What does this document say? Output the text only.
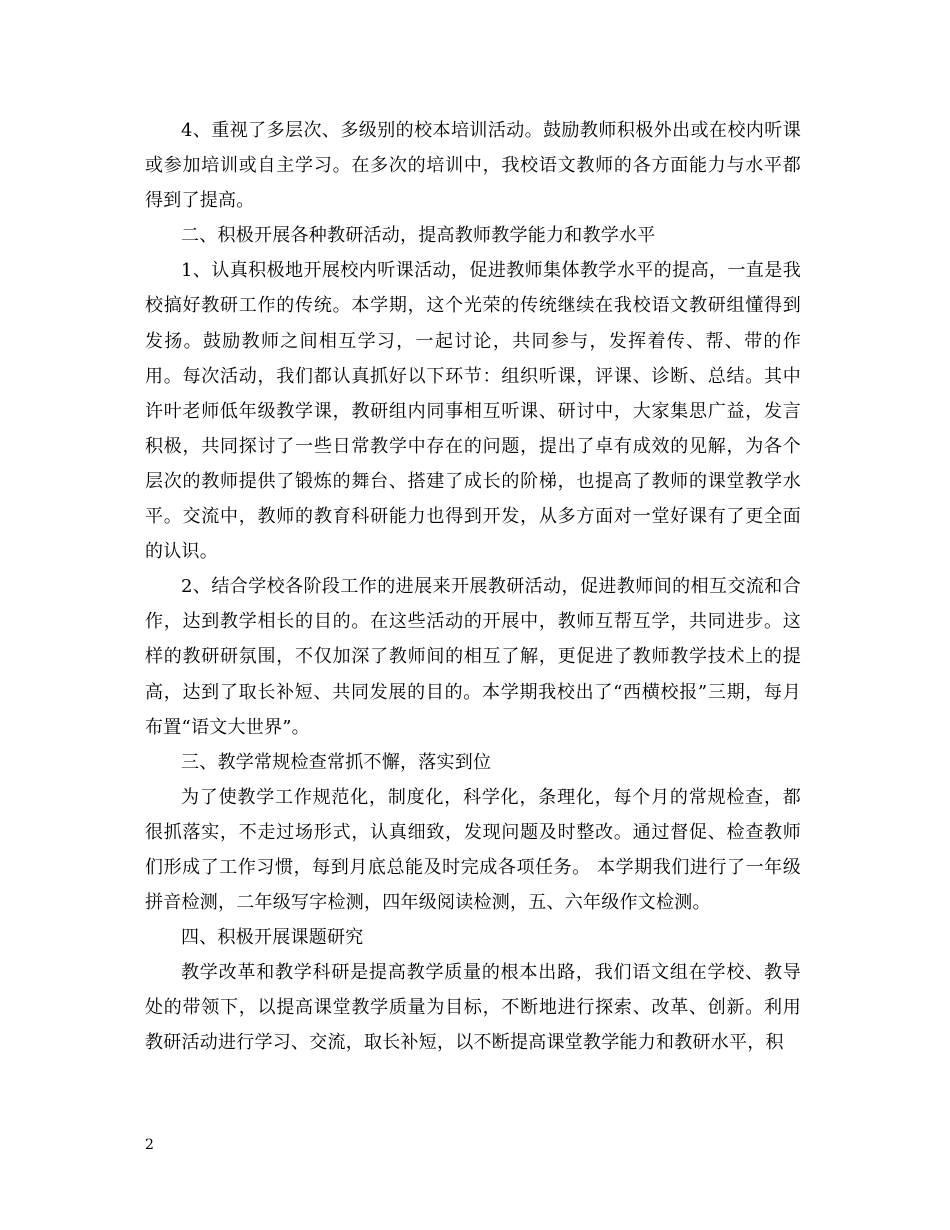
4、重视了多层次、多级别的校本培训活动。鼓励教师积极外出或在校内听课或参加培训或自主学习。在多次的培训中，我校语文教师的各方面能力与水平都得到了提高。

二、积极开展各种教研活动，提高教师教学能力和教学水平

1、认真积极地开展校内听课活动，促进教师集体教学水平的提高，一直是我校搞好教研工作的传统。本学期，这个光荣的传统继续在我校语文教研组懂得到发扬。鼓励教师之间相互学习，一起讨论，共同参与，发挥着传、帮、带的作用。每次活动，我们都认真抓好以下环节：组织听课，评课、诊断、总结。其中许叶老师低年级教学课，教研组内同事相互听课、研讨中，大家集思广益，发言积极，共同探讨了一些日常教学中存在的问题，提出了卓有成效的见解，为各个层次的教师提供了锻炼的舞台、搭建了成长的阶梯，也提高了教师的课堂教学水平。交流中，教师的教育科研能力也得到开发，从多方面对一堂好课有了更全面的认识。

2、结合学校各阶段工作的进展来开展教研活动，促进教师间的相互交流和合作，达到教学相长的目的。在这些活动的开展中，教师互帮互学，共同进步。这样的教研研氛围，不仅加深了教师间的相互了解，更促进了教师教学技术上的提高，达到了取长补短、共同发展的目的。本学期我校出了“西横校报”三期，每月布置“语文大世界”。

三、教学常规检查常抓不懈，落实到位

为了使教学工作规范化，制度化，科学化，条理化，每个月的常规检查，都很抓落实，不走过场形式，认真细致，发现问题及时整改。通过督促、检查教师们形成了工作习惯，每到月底总能及时完成各项任务。 本学期我们进行了一年级拼音检测，二年级写字检测，四年级阅读检测，五、六年级作文检测。

四、积极开展课题研究

教学改革和教学科研是提高教学质量的根本出路，我们语文组在学校、教导处的带领下，以提高课堂教学质量为目标，不断地进行探索、改革、创新。利用教研活动进行学习、交流，取长补短，以不断提高课堂教学能力和教研水平，积

2
